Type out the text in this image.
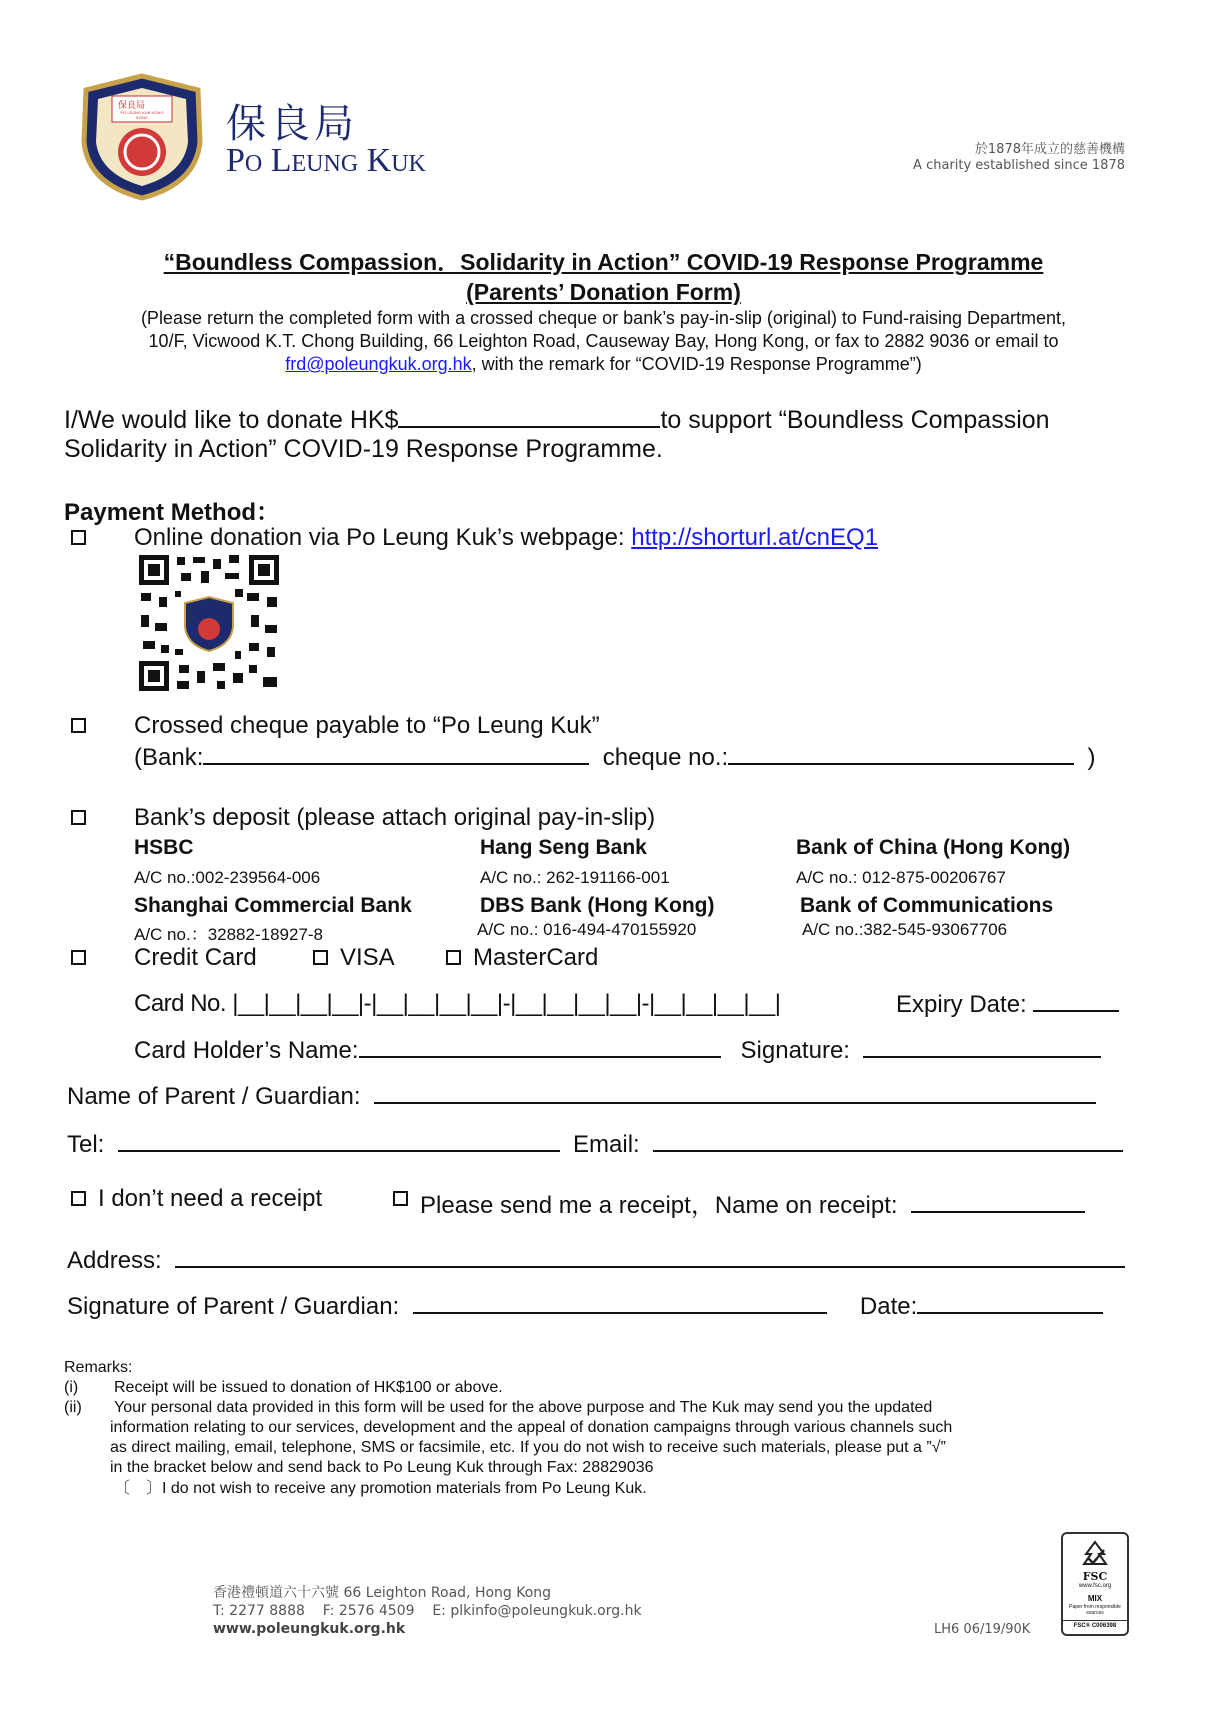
保良局
PO LEUNG KUK HONG KONG	保良局
Po Leung Kuk	於1878年成立的慈善機構
A charity established since 1878
“Boundless Compassion．Solidarity in Action” COVID-19 Response Programme
(Parents’ Donation Form)
(Please return the completed form with a crossed cheque or bank’s pay-in-slip (original) to Fund-raising Department,
10/F, Vicwood K.T. Chong Building, 66 Leighton Road, Causeway Bay, Hong Kong, or fax to 2882 9036 or email to
frd@poleungkuk.org.hk, with the remark for “COVID-19 Response Programme”)
I/We would like to donate HK$	to support “Boundless Compassion
Solidarity in Action” COVID-19 Response Programme.
Payment Method：
Online donation via Po Leung Kuk’s webpage: http://shorturl.at/cnEQ1
Crossed cheque payable to “Po Leung Kuk”
(Bank:	cheque no.:	)
Bank’s deposit (please attach original pay-in-slip)
HSBC
A/C no.:002-239564-006
Hang Seng Bank
A/C no.: 262-191166-001
Bank of China (Hong Kong)
A/C no.: 012-875-00206767
Shanghai Commercial Bank
A/C no.：32882-18927-8
DBS Bank (Hong Kong)
A/C no.: 016-494-470155920
Bank of Communications
A/C no.:382-545-93067706
Credit Card	VISA	MasterCard
Card No. |__|__|__|__|-|__|__|__|__|-|__|__|__|__|-|__|__|__|__|	Expiry Date:
Card Holder’s Name:	Signature:
Name of Parent / Guardian:
Tel:	Email:
I don’t need a receipt	Please send me a receipt，Name on receipt:
Address:
Signature of Parent / Guardian:	Date:
Remarks:
(i) Receipt will be issued to donation of HK$100 or above.
(ii) Your personal data provided in this form will be used for the above purpose and The Kuk may send you the updated
information relating to our services, development and the appeal of donation campaigns through various channels such
as direct mailing, email, telephone, SMS or facsimile, etc. If you do not wish to receive such materials, please put a ”√”
in the bracket below and send back to Po Leung Kuk through Fax: 28829036
〔　〕I do not wish to receive any promotion materials from Po Leung Kuk.
香港禮頓道六十六號 66 Leighton Road, Hong Kong
T: 2277 8888    F: 2576 4509    E: plkinfo@poleungkuk.org.hk
www.poleungkuk.org.hk	LH6 06/19/90K
FSC
www.fsc.org
MIX
Paper from responsible sources
FSC® C006398
